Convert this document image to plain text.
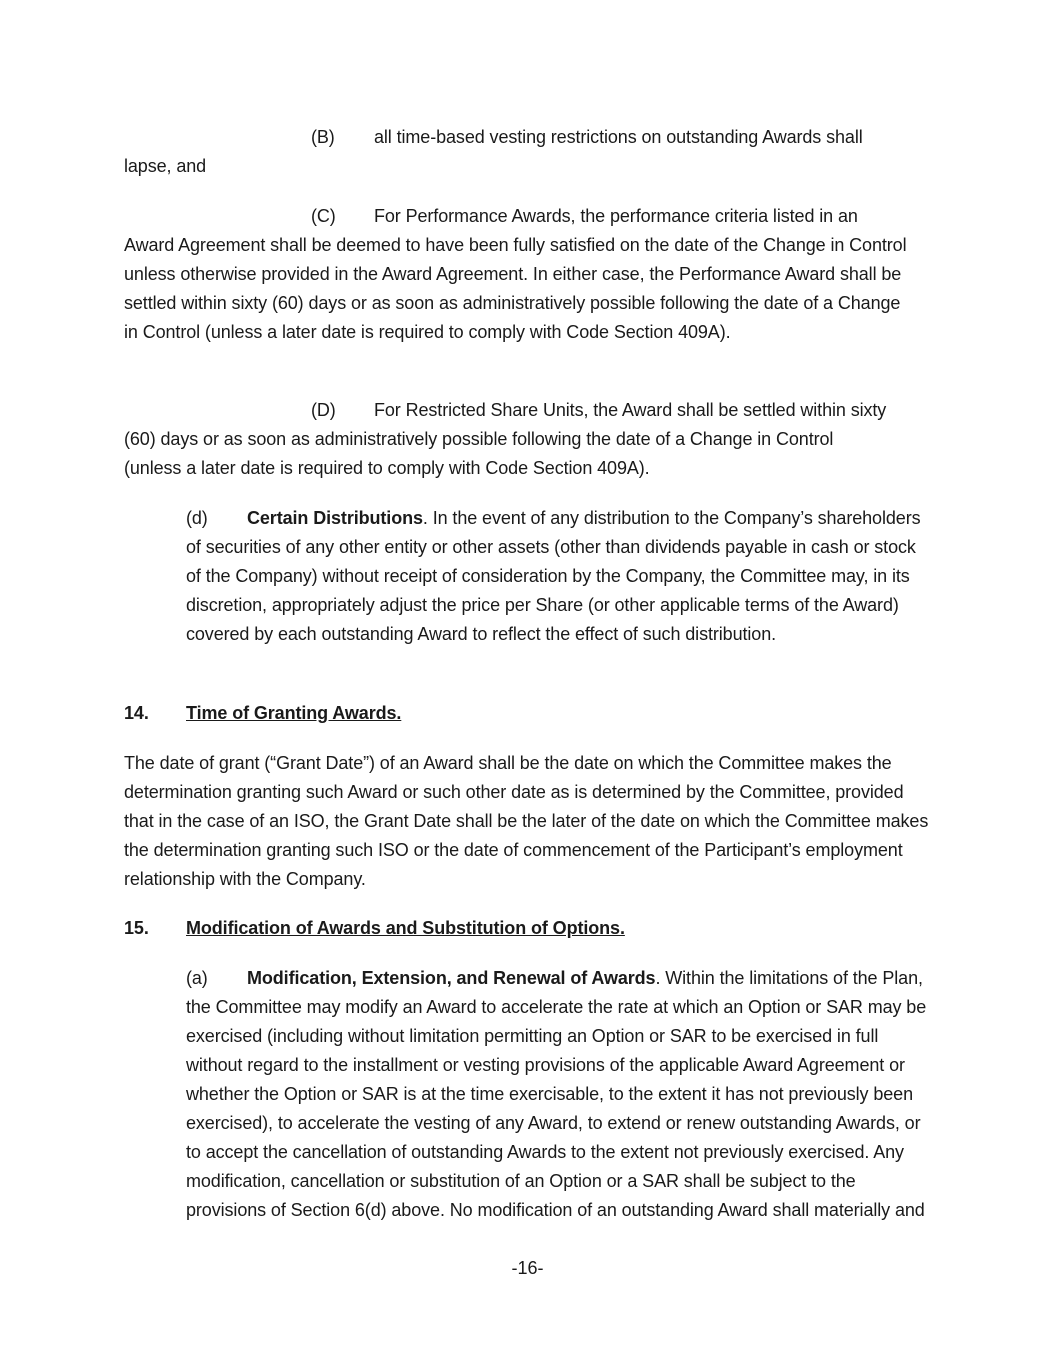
(B) all time-based vesting restrictions on outstanding Awards shall
lapse, and
(C) For Performance Awards, the performance criteria listed in an
Award Agreement shall be deemed to have been fully satisfied on the date of the Change in Control unless otherwise provided in the Award Agreement. In either case, the Performance Award shall be settled within sixty (60) days or as soon as administratively possible following the date of a Change in Control (unless a later date is required to comply with Code Section 409A).
(D) For Restricted Share Units, the Award shall be settled within sixty
(60) days or as soon as administratively possible following the date of a Change in Control (unless a later date is required to comply with Code Section 409A).
(d) Certain Distributions. In the event of any distribution to the Company’s shareholders of securities of any other entity or other assets (other than dividends payable in cash or stock of the Company) without receipt of consideration by the Company, the Committee may, in its discretion, appropriately adjust the price per Share (or other applicable terms of the Award) covered by each outstanding Award to reflect the effect of such distribution.
14. Time of Granting Awards.
The date of grant (“Grant Date”) of an Award shall be the date on which the Committee makes the determination granting such Award or such other date as is determined by the Committee, provided that in the case of an ISO, the Grant Date shall be the later of the date on which the Committee makes the determination granting such ISO or the date of commencement of the Participant’s employment relationship with the Company.
15. Modification of Awards and Substitution of Options.
(a) Modification, Extension, and Renewal of Awards. Within the limitations of the Plan, the Committee may modify an Award to accelerate the rate at which an Option or SAR may be exercised (including without limitation permitting an Option or SAR to be exercised in full without regard to the installment or vesting provisions of the applicable Award Agreement or whether the Option or SAR is at the time exercisable, to the extent it has not previously been exercised), to accelerate the vesting of any Award, to extend or renew outstanding Awards, or to accept the cancellation of outstanding Awards to the extent not previously exercised. Any modification, cancellation or substitution of an Option or a SAR shall be subject to the provisions of Section 6(d) above. No modification of an outstanding Award shall materially and
-16-
